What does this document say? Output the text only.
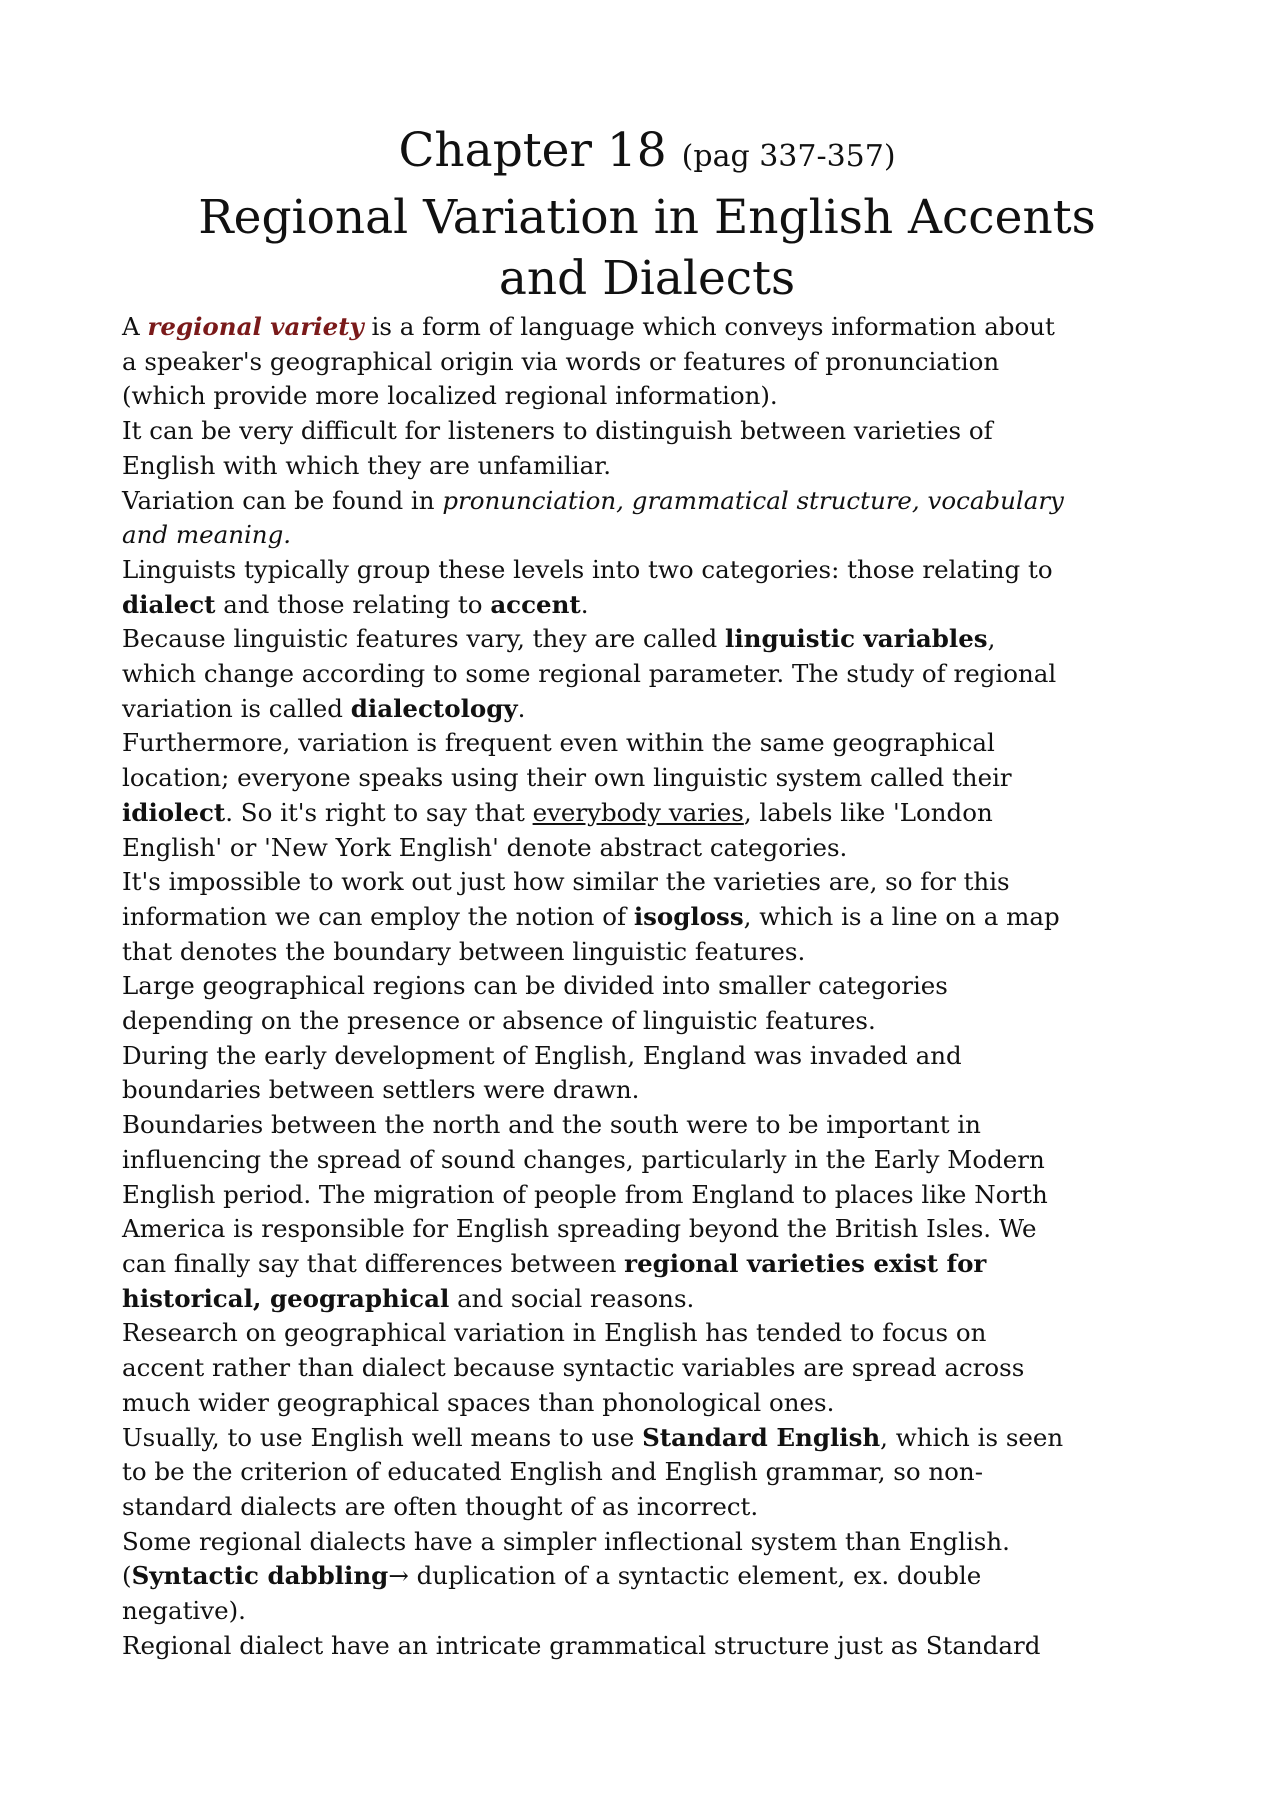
Chapter 18 (pag 337-357)
Regional Variation in English Accents
and Dialects
A regional variety is a form of language which conveys information about
a speaker's geographical origin via words or features of pronunciation
(which provide more localized regional information).
It can be very difficult for listeners to distinguish between varieties of
English with which they are unfamiliar.
Variation can be found in pronunciation, grammatical structure, vocabulary
and meaning.
Linguists typically group these levels into two categories: those relating to
dialect and those relating to accent.
Because linguistic features vary, they are called linguistic variables,
which change according to some regional parameter. The study of regional
variation is called dialectology.
Furthermore, variation is frequent even within the same geographical
location; everyone speaks using their own linguistic system called their
idiolect. So it's right to say that everybody varies, labels like 'London
English' or 'New York English' denote abstract categories.
It's impossible to work out just how similar the varieties are, so for this
information we can employ the notion of isogloss, which is a line on a map
that denotes the boundary between linguistic features.
Large geographical regions can be divided into smaller categories
depending on the presence or absence of linguistic features.
During the early development of English, England was invaded and
boundaries between settlers were drawn.
Boundaries between the north and the south were to be important in
influencing the spread of sound changes, particularly in the Early Modern
English period. The migration of people from England to places like North
America is responsible for English spreading beyond the British Isles. We
can finally say that differences between regional varieties exist for
historical, geographical and social reasons.
Research on geographical variation in English has tended to focus on
accent rather than dialect because syntactic variables are spread across
much wider geographical spaces than phonological ones.
Usually, to use English well means to use Standard English, which is seen
to be the criterion of educated English and English grammar, so non-
standard dialects are often thought of as incorrect.
Some regional dialects have a simpler inflectional system than English.
(Syntactic dabbling→ duplication of a syntactic element, ex. double
negative).
Regional dialect have an intricate grammatical structure just as Standard
